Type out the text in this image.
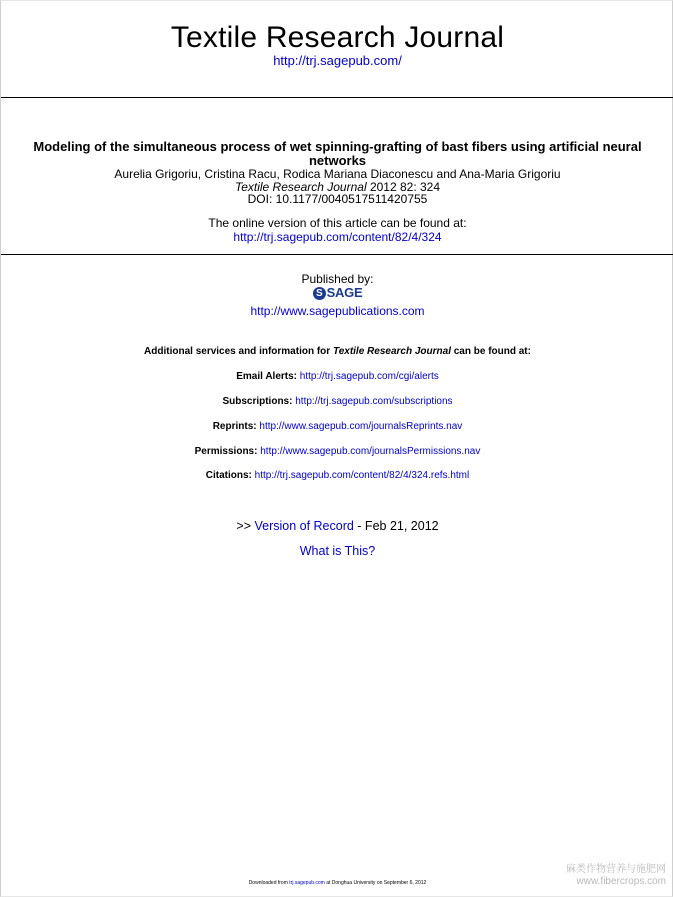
Textile Research Journal
http://trj.sagepub.com/
Modeling of the simultaneous process of wet spinning-grafting of bast fibers using artificial neural networks
Aurelia Grigoriu, Cristina Racu, Rodica Mariana Diaconescu and Ana-Maria Grigoriu
Textile Research Journal 2012 82: 324
DOI: 10.1177/0040517511420755
The online version of this article can be found at:
http://trj.sagepub.com/content/82/4/324
Published by:
S SAGE
http://www.sagepublications.com
Additional services and information for Textile Research Journal can be found at:
Email Alerts: http://trj.sagepub.com/cgi/alerts
Subscriptions: http://trj.sagepub.com/subscriptions
Reprints: http://www.sagepub.com/journalsReprints.nav
Permissions: http://www.sagepub.com/journalsPermissions.nav
Citations: http://trj.sagepub.com/content/82/4/324.refs.html
>> Version of Record - Feb 21, 2012
What is This?
Downloaded from trj.sagepub.com at Donghua University on September 6, 2012
麻类作物营养与施肥网
www.fibercrops.com
